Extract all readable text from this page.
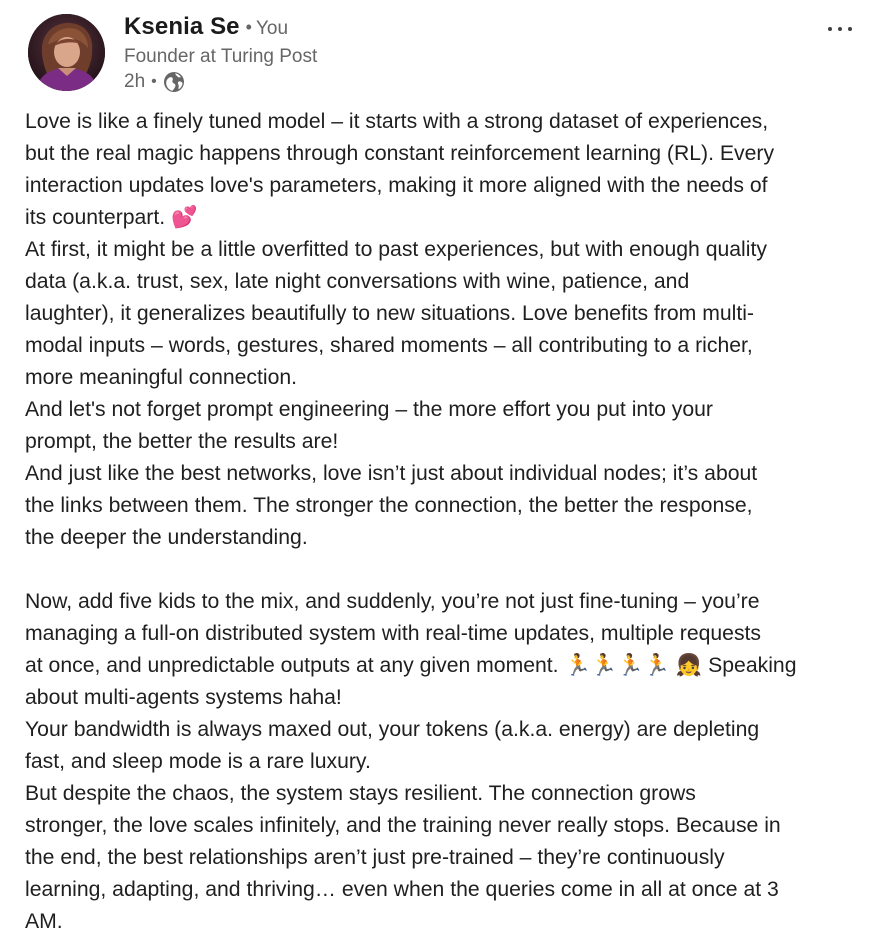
Ksenia Se • You
Founder at Turing Post
2h •

Love is like a finely tuned model – it starts with a strong dataset of experiences,

but the real magic happens through constant reinforcement learning (RL). Every

interaction updates love's parameters, making it more aligned with the needs of

its counterpart. 💕

At first, it might be a little overfitted to past experiences, but with enough quality

data (a.k.a. trust, sex, late night conversations with wine, patience, and

laughter), it generalizes beautifully to new situations. Love benefits from multi-

modal inputs – words, gestures, shared moments – all contributing to a richer,

more meaningful connection.

And let's not forget prompt engineering – the more effort you put into your

prompt, the better the results are!

And just like the best networks, love isn’t just about individual nodes; it’s about

the links between them. The stronger the connection, the better the response,

the deeper the understanding.

Now, add five kids to the mix, and suddenly, you’re not just fine-tuning – you’re

managing a full-on distributed system with real-time updates, multiple requests

at once, and unpredictable outputs at any given moment. 🏃🏃🏃🏃 👧 Speaking

about multi-agents systems haha!

Your bandwidth is always maxed out, your tokens (a.k.a. energy) are depleting

fast, and sleep mode is a rare luxury.

But despite the chaos, the system stays resilient. The connection grows

stronger, the love scales infinitely, and the training never really stops. Because in

the end, the best relationships aren’t just pre-trained – they’re continuously

learning, adapting, and thriving… even when the queries come in all at once at 3

AM.
